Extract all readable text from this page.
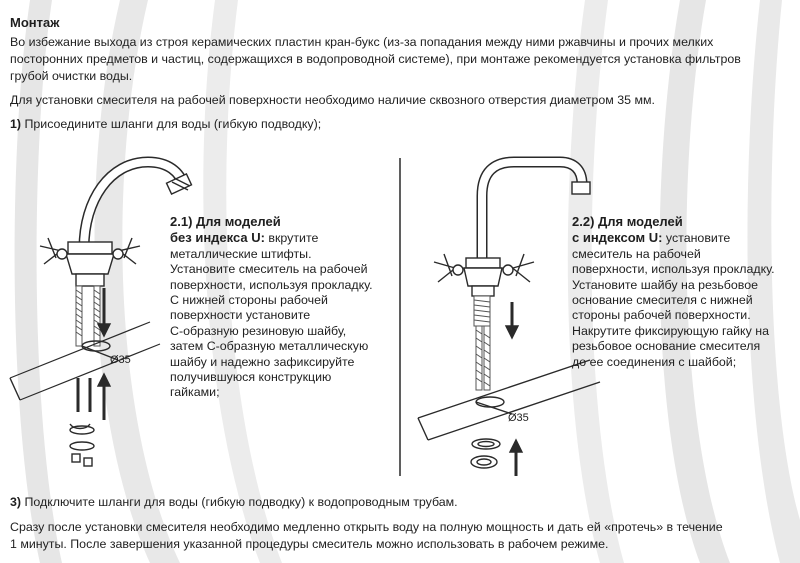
Монтаж
Во избежание выхода из строя керамических пластин кран-букс (из-за попадания между ними ржавчины и прочих мелких
посторонних предметов и частиц, содержащихся в водопроводной системе), при монтаже рекомендуется установка фильтров
грубой очистки воды.
Для установки смесителя на рабочей поверхности необходимо наличие сквозного отверстия диаметром 35 мм.
1) Присоедините шланги для воды (гибкую подводку);
Ø35
2.1) Для моделей
без индекса U: вкрутите
металлические штифты.
Установите смеситель на рабочей
поверхности, используя прокладку.
С нижней стороны рабочей
поверхности установите
С-образную резиновую шайбу,
затем С-образную металлическую
шайбу и надежно зафиксируйте
получившуюся конструкцию
гайками;
Ø35
2.2) Для моделей
с индексом U: установите
смеситель на рабочей
поверхности, используя прокладку.
Установите шайбу на резьбовое
основание смесителя с нижней
стороны рабочей поверхности.
Накрутите фиксирующую гайку на
резьбовое основание смесителя
до ее соединения с шайбой;
3) Подключите шланги для воды (гибкую подводку) к водопроводным трубам.
Сразу после установки смесителя необходимо медленно открыть воду на полную мощность и дать ей «протечь» в течение
1 минуты. После завершения указанной процедуры смеситель можно использовать в рабочем режиме.
